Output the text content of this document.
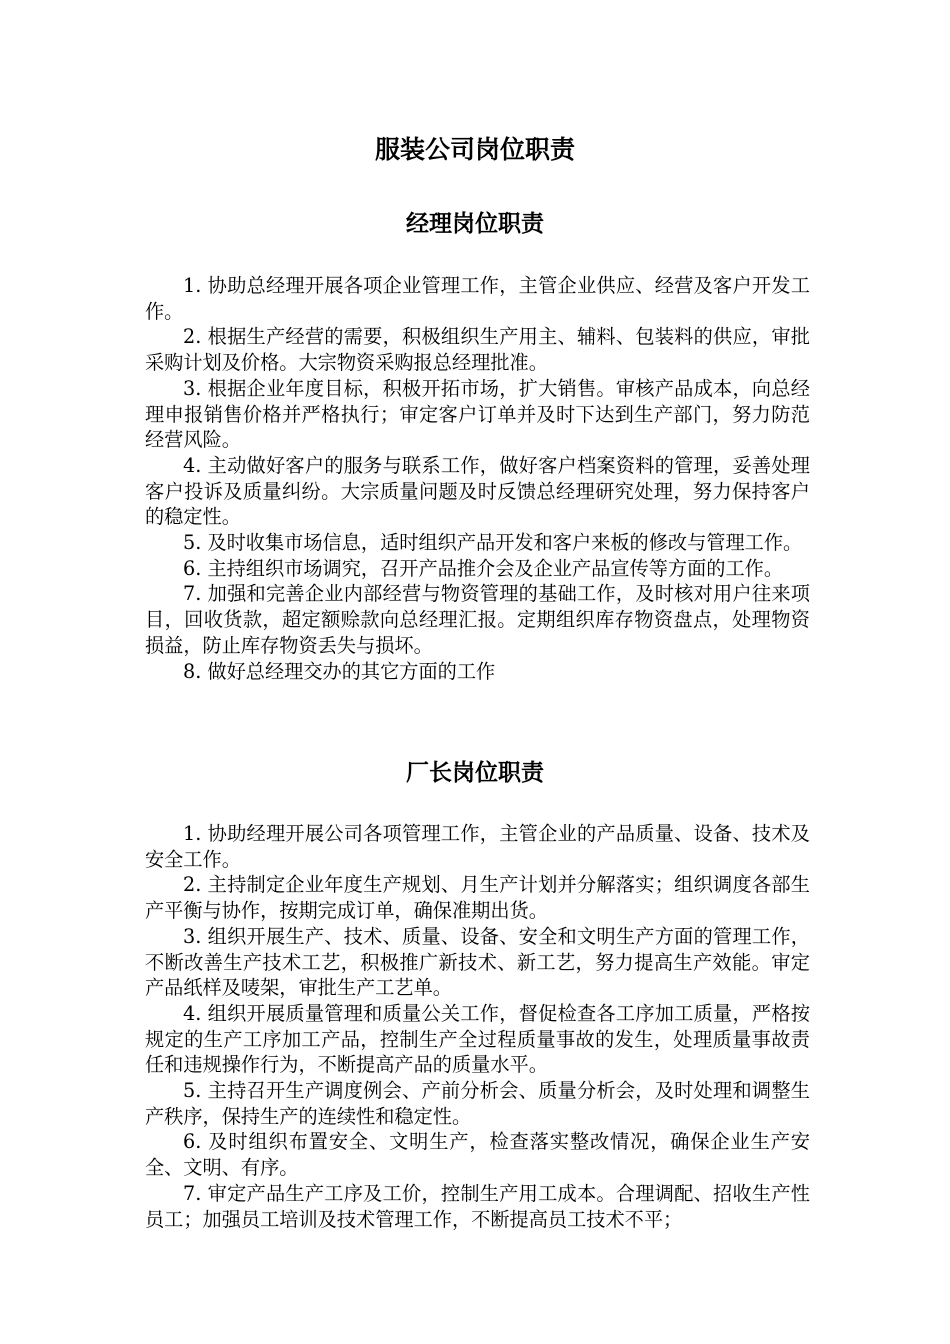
服装公司岗位职责
经理岗位职责

1. 协助总经理开展各项企业管理工作，主管企业供应、经营及客户开发工作。

2. 根据生产经营的需要，积极组织生产用主、辅料、包装料的供应，审批采购计划及价格。大宗物资采购报总经理批准。

3. 根据企业年度目标，积极开拓市场，扩大销售。审核产品成本，向总经理申报销售价格并严格执行；审定客户订单并及时下达到生产部门，努力防范经营风险。

4. 主动做好客户的服务与联系工作，做好客户档案资料的管理，妥善处理客户投诉及质量纠纷。大宗质量问题及时反馈总经理研究处理，努力保持客户的稳定性。

5. 及时收集市场信息，适时组织产品开发和客户来板的修改与管理工作。

6. 主持组织市场调究，召开产品推介会及企业产品宣传等方面的工作。

7. 加强和完善企业内部经营与物资管理的基础工作，及时核对用户往来项目，回收货款，超定额赊款向总经理汇报。定期组织库存物资盘点，处理物资损益，防止库存物资丢失与损坏。

8. 做好总经理交办的其它方面的工作

厂长岗位职责

1. 协助经理开展公司各项管理工作，主管企业的产品质量、设备、技术及安全工作。

2. 主持制定企业年度生产规划、月生产计划并分解落实；组织调度各部生产平衡与协作，按期完成订单，确保准期出货。

3. 组织开展生产、技术、质量、设备、安全和文明生产方面的管理工作，不断改善生产技术工艺，积极推广新技术、新工艺，努力提高生产效能。审定产品纸样及唛架，审批生产工艺单。

4. 组织开展质量管理和质量公关工作，督促检查各工序加工质量，严格按规定的生产工序加工产品，控制生产全过程质量事故的发生，处理质量事故责任和违规操作行为，不断提高产品的质量水平。

5. 主持召开生产调度例会、产前分析会、质量分析会，及时处理和调整生产秩序，保持生产的连续性和稳定性。

6. 及时组织布置安全、文明生产，检查落实整改情况，确保企业生产安全、文明、有序。

7. 审定产品生产工序及工价，控制生产用工成本。合理调配、招收生产性员工；加强员工培训及技术管理工作，不断提高员工技术不平；
